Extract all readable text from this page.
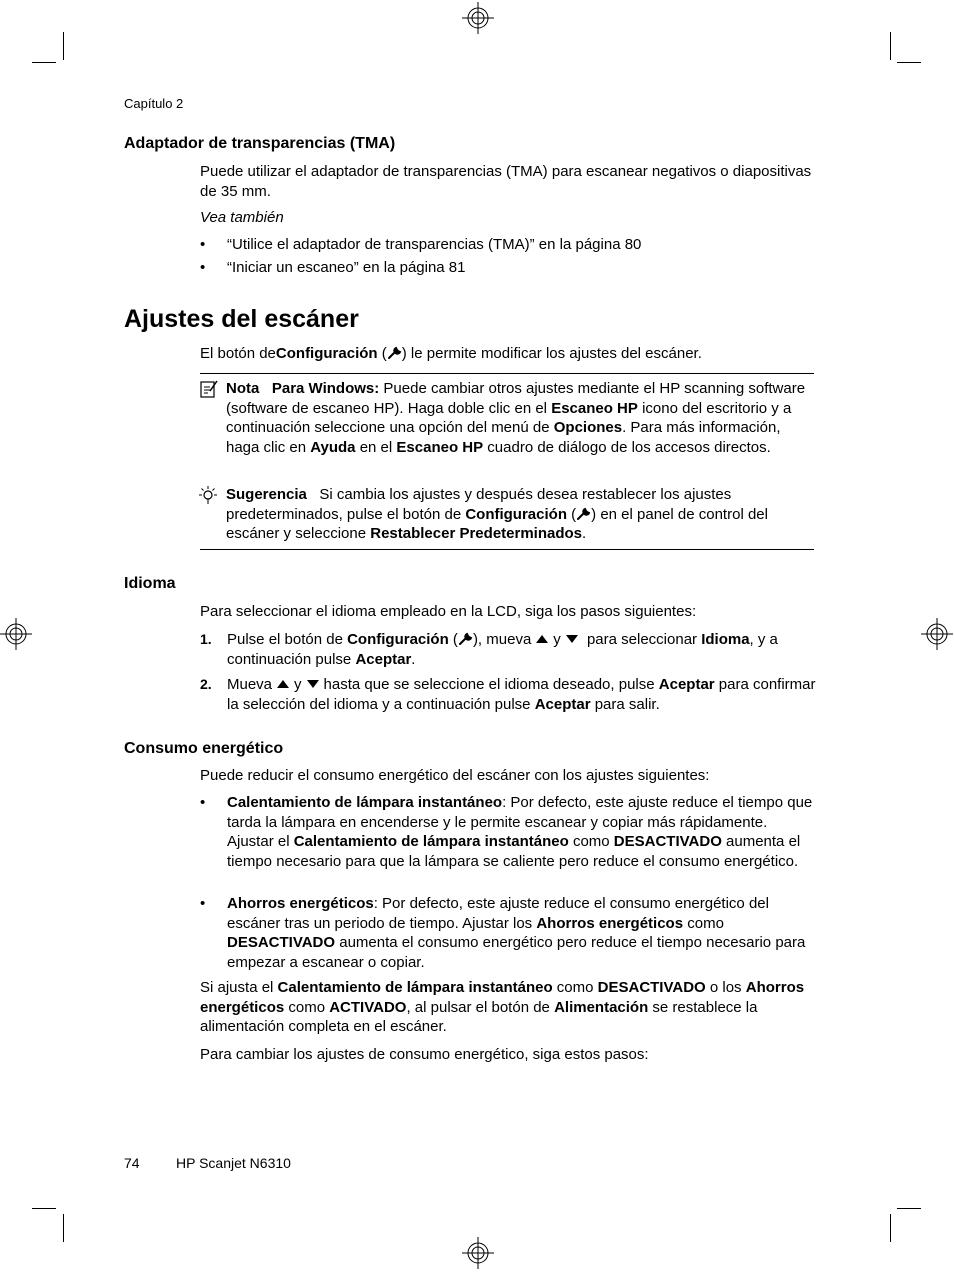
Capítulo 2
Adaptador de transparencias (TMA)
Puede utilizar el adaptador de transparencias (TMA) para escanear negativos o diapositivas de 35 mm.
Vea también
• “Utilice el adaptador de transparencias (TMA)” en la página 80
• “Iniciar un escaneo” en la página 81
Ajustes del escáner
El botón deConfiguración ( ) le permite modificar los ajustes del escáner.
Nota Para Windows: Puede cambiar otros ajustes mediante el HP scanning software (software de escaneo HP). Haga doble clic en el Escaneo HP icono del escritorio y a continuación seleccione una opción del menú de Opciones. Para más información, haga clic en Ayuda en el Escaneo HP cuadro de diálogo de los accesos directos.
Sugerencia Si cambia los ajustes y después desea restablecer los ajustes predeterminados, pulse el botón de Configuración ( ) en el panel de control del escáner y seleccione Restablecer Predeterminados.
Idioma
Para seleccionar el idioma empleado en la LCD, siga los pasos siguientes:
1. Pulse el botón de Configuración ( ), mueva y para seleccionar Idioma, y a continuación pulse Aceptar.
2. Mueva y hasta que se seleccione el idioma deseado, pulse Aceptar para confirmar la selección del idioma y a continuación pulse Aceptar para salir.
Consumo energético
Puede reducir el consumo energético del escáner con los ajustes siguientes:
• Calentamiento de lámpara instantáneo: Por defecto, este ajuste reduce el tiempo que tarda la lámpara en encenderse y le permite escanear y copiar más rápidamente. Ajustar el Calentamiento de lámpara instantáneo como DESACTIVADO aumenta el tiempo necesario para que la lámpara se caliente pero reduce el consumo energético.
• Ahorros energéticos: Por defecto, este ajuste reduce el consumo energético del escáner tras un periodo de tiempo. Ajustar los Ahorros energéticos como DESACTIVADO aumenta el consumo energético pero reduce el tiempo necesario para empezar a escanear o copiar.
Si ajusta el Calentamiento de lámpara instantáneo como DESACTIVADO o los Ahorros energéticos como ACTIVADO, al pulsar el botón de Alimentación se restablece la alimentación completa en el escáner.
Para cambiar los ajustes de consumo energético, siga estos pasos:
74	HP Scanjet N6310
